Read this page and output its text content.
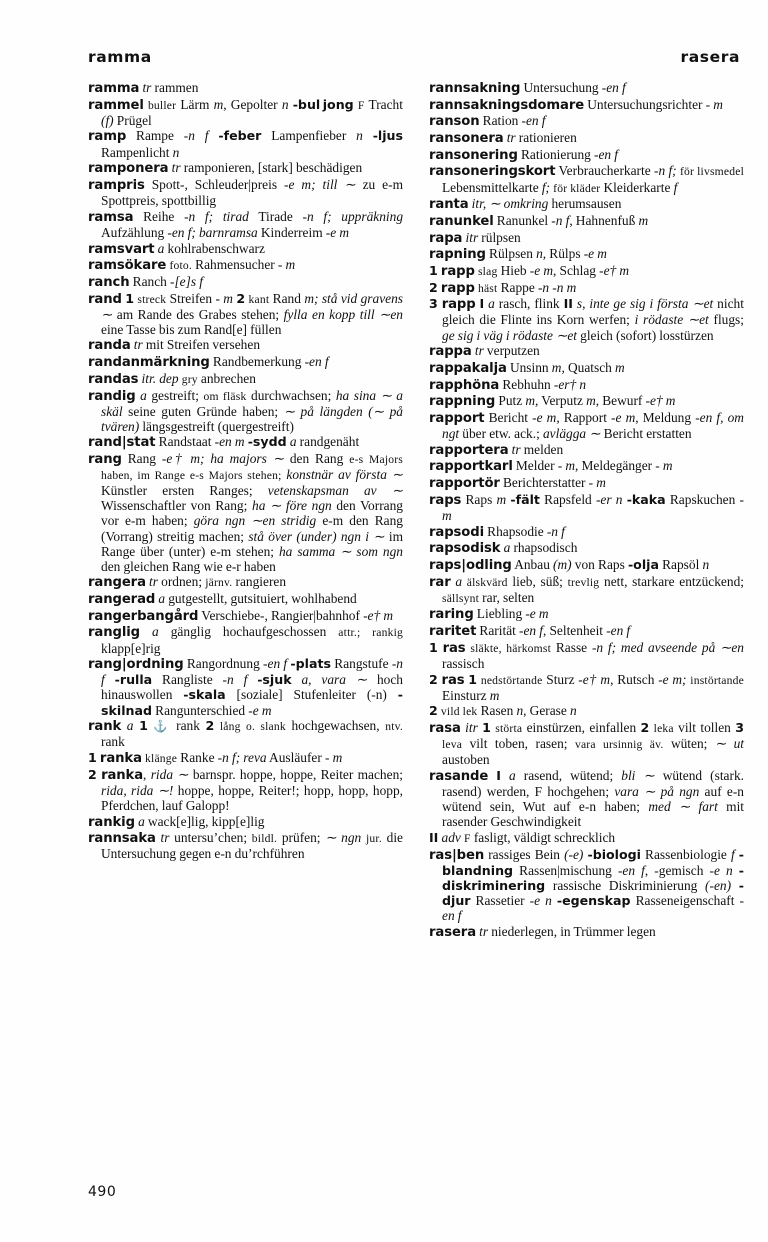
ramma	rasera

ramma tr rammen

rammel buller Lärm m, Gepolter n -bul jong F Tracht (f) Prügel

ramp Rampe -n f -feber Lampenfieber n -ljus Rampenlicht n

ramponera tr ramponieren, [stark] beschädigen

rampris Spott-, Schleuder|preis -e m; till ∼ zu e-m Spottpreis, spottbillig

ramsa Reihe -n f; tirad Tirade -n f; uppräkning Aufzählung -en f; barnramsa Kinderreim -e m

ramsvart a kohlrabenschwarz

ramsökare foto. Rahmensucher - m

ranch Ranch -[e]s f

rand 1 streck Streifen - m 2 kant Rand m; stå vid gravens ∼ am Rande des Grabes stehen; fylla en kopp till ∼en eine Tasse bis zum Rand[e] füllen

randa tr mit Streifen versehen

randanmärkning Randbemerkung -en f

randas itr. dep gry anbrechen

randig a gestreift; om fläsk durchwachsen; ha sina ∼ a skäl seine guten Gründe haben; ∼ på längden (∼ på tvären) längsgestreift (quergestreift)

rand|stat Randstaat -en m -sydd a randgenäht

rang Rang -e† m; ha majors ∼ den Rang e-s Majors haben, im Range e-s Majors stehen; konstnär av första ∼ Künstler ersten Ranges; vetenskapsman av ∼ Wissenschaftler von Rang; ha ∼ före ngn den Vorrang vor e-m haben; göra ngn ∼en stridig e-m den Rang (Vorrang) streitig machen; stå över (under) ngn i ∼ im Range über (unter) e-m stehen; ha samma ∼ som ngn den gleichen Rang wie e-r haben

rangera tr ordnen; järnv. rangieren

rangerad a gutgestellt, gutsituiert, wohlhabend

rangerbangård Verschiebe-, Rangier|bahnhof -e† m

ranglig a gänglig hochaufgeschossen attr.; rankig klapp[e]rig

rang|ordning Rangordnung -en f -plats Rangstufe -n f -rulla Rangliste -n f -sjuk a, vara ∼ hoch hinauswollen -skala [soziale] Stufenleiter (-n) -skilnad Rangunterschied -e m

rank a 1 ⚓ rank 2 lång o. slank hochgewachsen, ntv. rank

1 ranka klänge Ranke -n f; reva Ausläufer - m

2 ranka, rida ∼ barnspr. hoppe, hoppe, Reiter machen; rida, rida ∼! hoppe, hoppe, Reiter!; hopp, hopp, hopp, Pferdchen, lauf Galopp!

rankig a wack[e]lig, kipp[e]lig

rannsaka tr untersu’chen; bildl. prüfen; ∼ ngn jur. die Untersuchung gegen e-n du’rchführen

rannsakning Untersuchung -en f

rannsakningsdomare Untersuchungsrichter - m

ranson Ration -en f

ransonera tr rationieren

ransonering Rationierung -en f

ransoneringskort Verbraucherkarte -n f; för livsmedel Lebensmittelkarte f; för kläder Kleiderkarte f

ranta itr, ∼ omkring herumsausen

ranunkel Ranunkel -n f, Hahnenfuß m

rapa itr rülpsen

rapning Rülpsen n, Rülps -e m

1 rapp slag Hieb -e m, Schlag -e† m

2 rapp häst Rappe -n -n m

3 rapp I a rasch, flink II s, inte ge sig i första ∼et nicht gleich die Flinte ins Korn werfen; i rödaste ∼et flugs; ge sig i väg i rödaste ∼et gleich (sofort) losstürzen

rappa tr verputzen

rappakalja Unsinn m, Quatsch m

rapphöna Rebhuhn -er† n

rappning Putz m, Verputz m, Bewurf -e† m

rapport Bericht -e m, Rapport -e m, Meldung -en f, om ngt über etw. ack.; avlägga ∼ Bericht erstatten

rapportera tr melden

rapportkarl Melder - m, Meldegänger - m

rapportör Berichterstatter - m

raps Raps m -fält Rapsfeld -er n -kaka Rapskuchen - m

rapsodi Rhapsodie -n f

rapsodisk a rhapsodisch

raps|odling Anbau (m) von Raps -olja Rapsöl n

rar a älskvärd lieb, süß; trevlig nett, starkare entzückend; sällsynt rar, selten

raring Liebling -e m

raritet Rarität -en f, Seltenheit -en f

1 ras släkte, härkomst Rasse -n f; med avseende på ∼en rassisch

2 ras 1 nedstörtande Sturz -e† m, Rutsch -e m; instörtande Einsturz m

2 vild lek Rasen n, Gerase n

rasa itr 1 störta einstürzen, einfallen 2 leka vilt tollen 3 leva vilt toben, rasen; vara ursinnig äv. wüten; ∼ ut austoben

rasande I a rasend, wütend; bli ∼ wütend (stark. rasend) werden, F hochgehen; vara ∼ på ngn auf e-n wütend sein, Wut auf e-n haben; med ∼ fart mit rasender Geschwindigkeit

II adv F fasligt, väldigt schrecklich

ras|ben rassiges Bein (-e) -biologi Rassenbiologie f -blandning Rassen|mischung -en f, -gemisch -e n -diskriminering rassische Diskriminierung (-en) -djur Rassetier -e n -egenskap Rasseneigenschaft -en f

rasera tr niederlegen, in Trümmer legen

490
